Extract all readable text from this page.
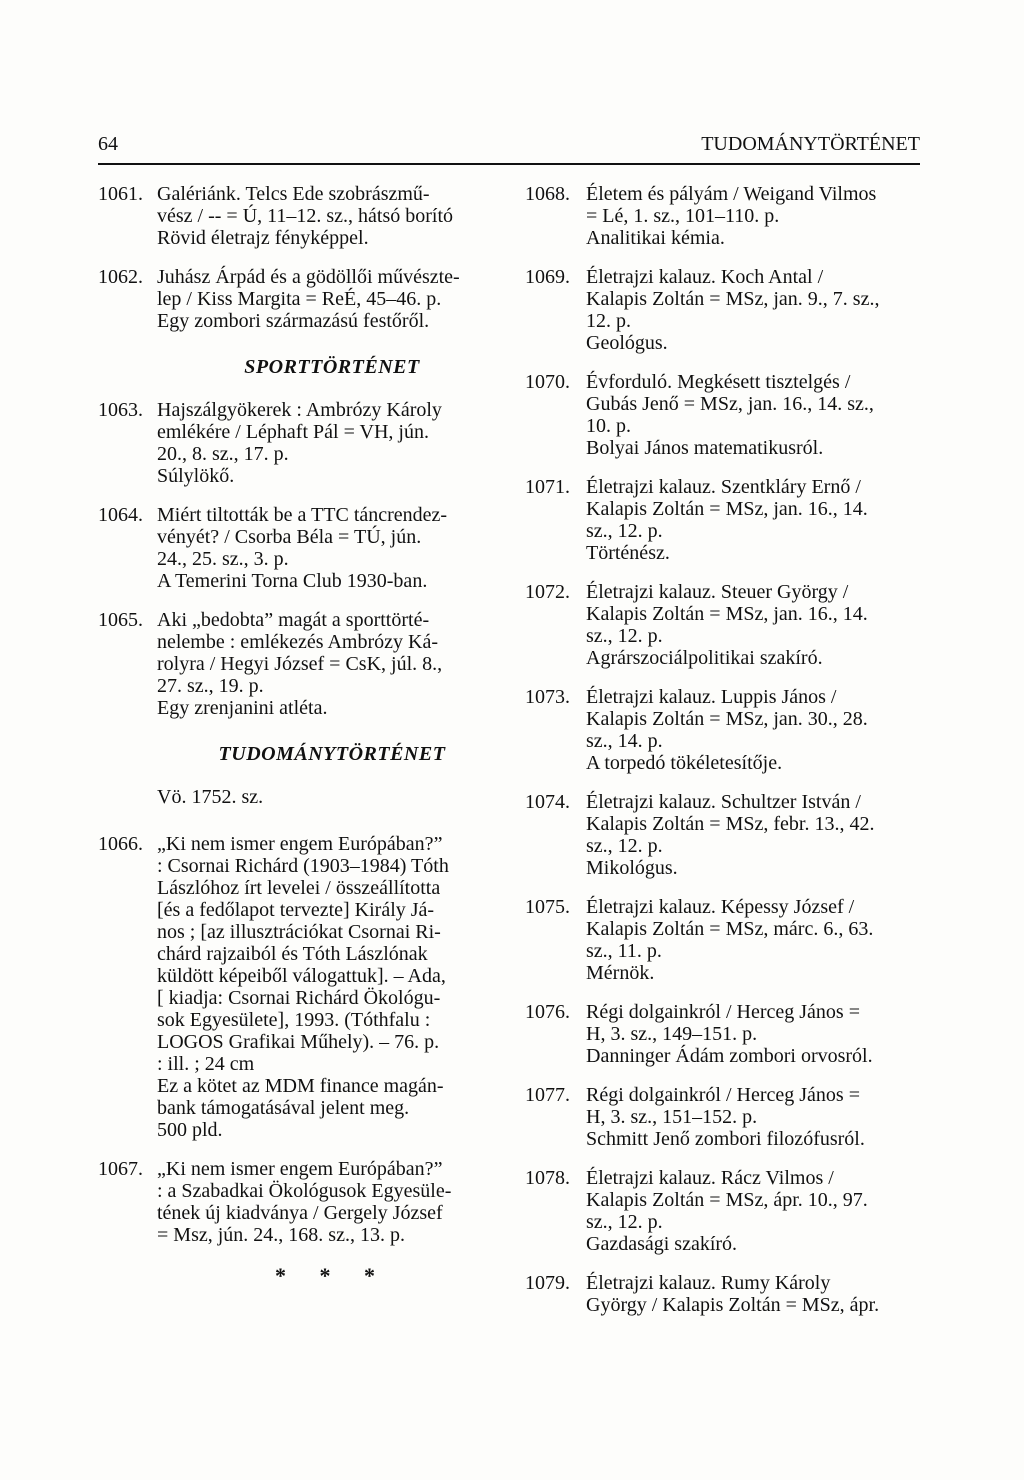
64	TUDOMÁNYTÖRTÉNET
1061. Galériánk. Telcs Ede szobrászmű-
vész / -- = Ú, 11–12. sz., hátsó borító
Rövid életrajz fényképpel.
1062. Juhász Árpád és a gödöllői művészte-
lep / Kiss Margita = ReÉ, 45–46. p.
Egy zombori származású festőről.
SPORTTÖRTÉNET
1063. Hajszálgyökerek : Ambrózy Károly
emlékére / Léphaft Pál = VH, jún.
20., 8. sz., 17. p.
Súlylökő.
1064. Miért tiltották be a TTC táncrendez-
vényét? / Csorba Béla = TÚ, jún.
24., 25. sz., 3. p.
A Temerini Torna Club 1930-ban.
1065. Aki „bedobta” magát a sporttörté-
nelembe : emlékezés Ambrózy Ká-
rolyra / Hegyi József = CsK, júl. 8.,
27. sz., 19. p.
Egy zrenjanini atléta.
TUDOMÁNYTÖRTÉNET
Vö. 1752. sz.
1066. „Ki nem ismer engem Európában?”
: Csornai Richárd (1903–1984) Tóth
Lászlóhoz írt levelei / összeállította
[és a fedőlapot tervezte] Király Já-
nos ; [az illusztrációkat Csornai Ri-
chárd rajzaiból és Tóth Lászlónak
küldött képeiből válogattuk]. – Ada,
[ kiadja: Csornai Richárd Ökológu-
sok Egyesülete], 1993. (Tóthfalu :
LOGOS Grafikai Műhely). – 76. p.
: ill. ; 24 cm
Ez a kötet az MDM finance magán-
bank támogatásával jelent meg.
500 pld.
1067. „Ki nem ismer engem Európában?”
: a Szabadkai Ökológusok Egyesüle-
tének új kiadványa / Gergely József
= Msz, jún. 24., 168. sz., 13. p.
* * *
1068. Életem és pályám / Weigand Vilmos
= Lé, 1. sz., 101–110. p.
Analitikai kémia.
1069. Életrajzi kalauz. Koch Antal /
Kalapis Zoltán = MSz, jan. 9., 7. sz.,
12. p.
Geológus.
1070. Évforduló. Megkésett tisztelgés /
Gubás Jenő = MSz, jan. 16., 14. sz.,
10. p.
Bolyai János matematikusról.
1071. Életrajzi kalauz. Szentkláry Ernő /
Kalapis Zoltán = MSz, jan. 16., 14.
sz., 12. p.
Történész.
1072. Életrajzi kalauz. Steuer György /
Kalapis Zoltán = MSz, jan. 16., 14.
sz., 12. p.
Agrárszociálpolitikai szakíró.
1073. Életrajzi kalauz. Luppis János /
Kalapis Zoltán = MSz, jan. 30., 28.
sz., 14. p.
A torpedó tökéletesítője.
1074. Életrajzi kalauz. Schultzer István /
Kalapis Zoltán = MSz, febr. 13., 42.
sz., 12. p.
Mikológus.
1075. Életrajzi kalauz. Képessy József /
Kalapis Zoltán = MSz, márc. 6., 63.
sz., 11. p.
Mérnök.
1076. Régi dolgainkról / Herceg János =
H, 3. sz., 149–151. p.
Danninger Ádám zombori orvosról.
1077. Régi dolgainkról / Herceg János =
H, 3. sz., 151–152. p.
Schmitt Jenő zombori filozófusról.
1078. Életrajzi kalauz. Rácz Vilmos /
Kalapis Zoltán = MSz, ápr. 10., 97.
sz., 12. p.
Gazdasági szakíró.
1079. Életrajzi kalauz. Rumy Károly
György / Kalapis Zoltán = MSz, ápr.
